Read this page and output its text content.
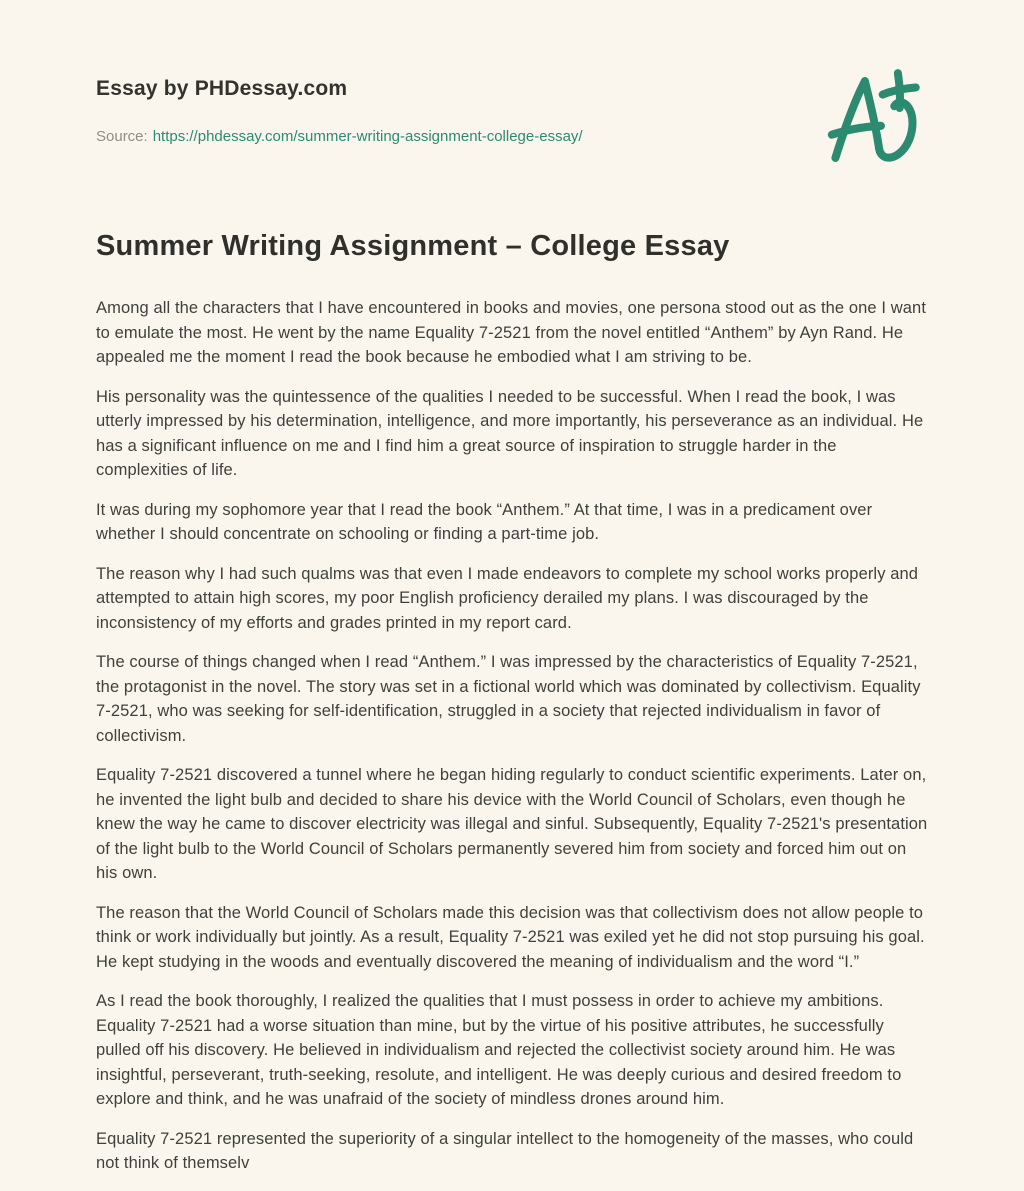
Essay by PHDessay.com
Source: https://phdessay.com/summer-writing-assignment-college-essay/
Summer Writing Assignment – College Essay

Among all the characters that I have encountered in books and movies, one persona stood out as the one I want to emulate the most. He went by the name Equality 7-2521 from the novel entitled “Anthem” by Ayn Rand. He appealed me the moment I read the book because he embodied what I am striving to be.

His personality was the quintessence of the qualities I needed to be successful. When I read the book, I was utterly impressed by his determination, intelligence, and more importantly, his perseverance as an individual. He has a significant influence on me and I find him a great source of inspiration to struggle harder in the complexities of life.

It was during my sophomore year that I read the book “Anthem.” At that time, I was in a predicament over whether I should concentrate on schooling or finding a part-time job.

The reason why I had such qualms was that even I made endeavors to complete my school works properly and attempted to attain high scores, my poor English proficiency derailed my plans. I was discouraged by the inconsistency of my efforts and grades printed in my report card.

The course of things changed when I read “Anthem.” I was impressed by the characteristics of Equality 7-2521, the protagonist in the novel. The story was set in a fictional world which was dominated by collectivism. Equality 7-2521, who was seeking for self-identification, struggled in a society that rejected individualism in favor of collectivism.

Equality 7-2521 discovered a tunnel where he began hiding regularly to conduct scientific experiments. Later on, he invented the light bulb and decided to share his device with the World Council of Scholars, even though he knew the way he came to discover electricity was illegal and sinful. Subsequently, Equality 7-2521's presentation of the light bulb to the World Council of Scholars permanently severed him from society and forced him out on his own.

The reason that the World Council of Scholars made this decision was that collectivism does not allow people to think or work individually but jointly. As a result, Equality 7-2521 was exiled yet he did not stop pursuing his goal. He kept studying in the woods and eventually discovered the meaning of individualism and the word “I.”

As I read the book thoroughly, I realized the qualities that I must possess in order to achieve my ambitions. Equality 7-2521 had a worse situation than mine, but by the virtue of his positive attributes, he successfully pulled off his discovery. He believed in individualism and rejected the collectivist society around him. He was insightful, perseverant, truth-seeking, resolute, and intelligent. He was deeply curious and desired freedom to explore and think, and he was unafraid of the society of mindless drones around him.

Equality 7-2521 represented the superiority of a singular intellect to the homogeneity of the masses, who could not think of themselv
